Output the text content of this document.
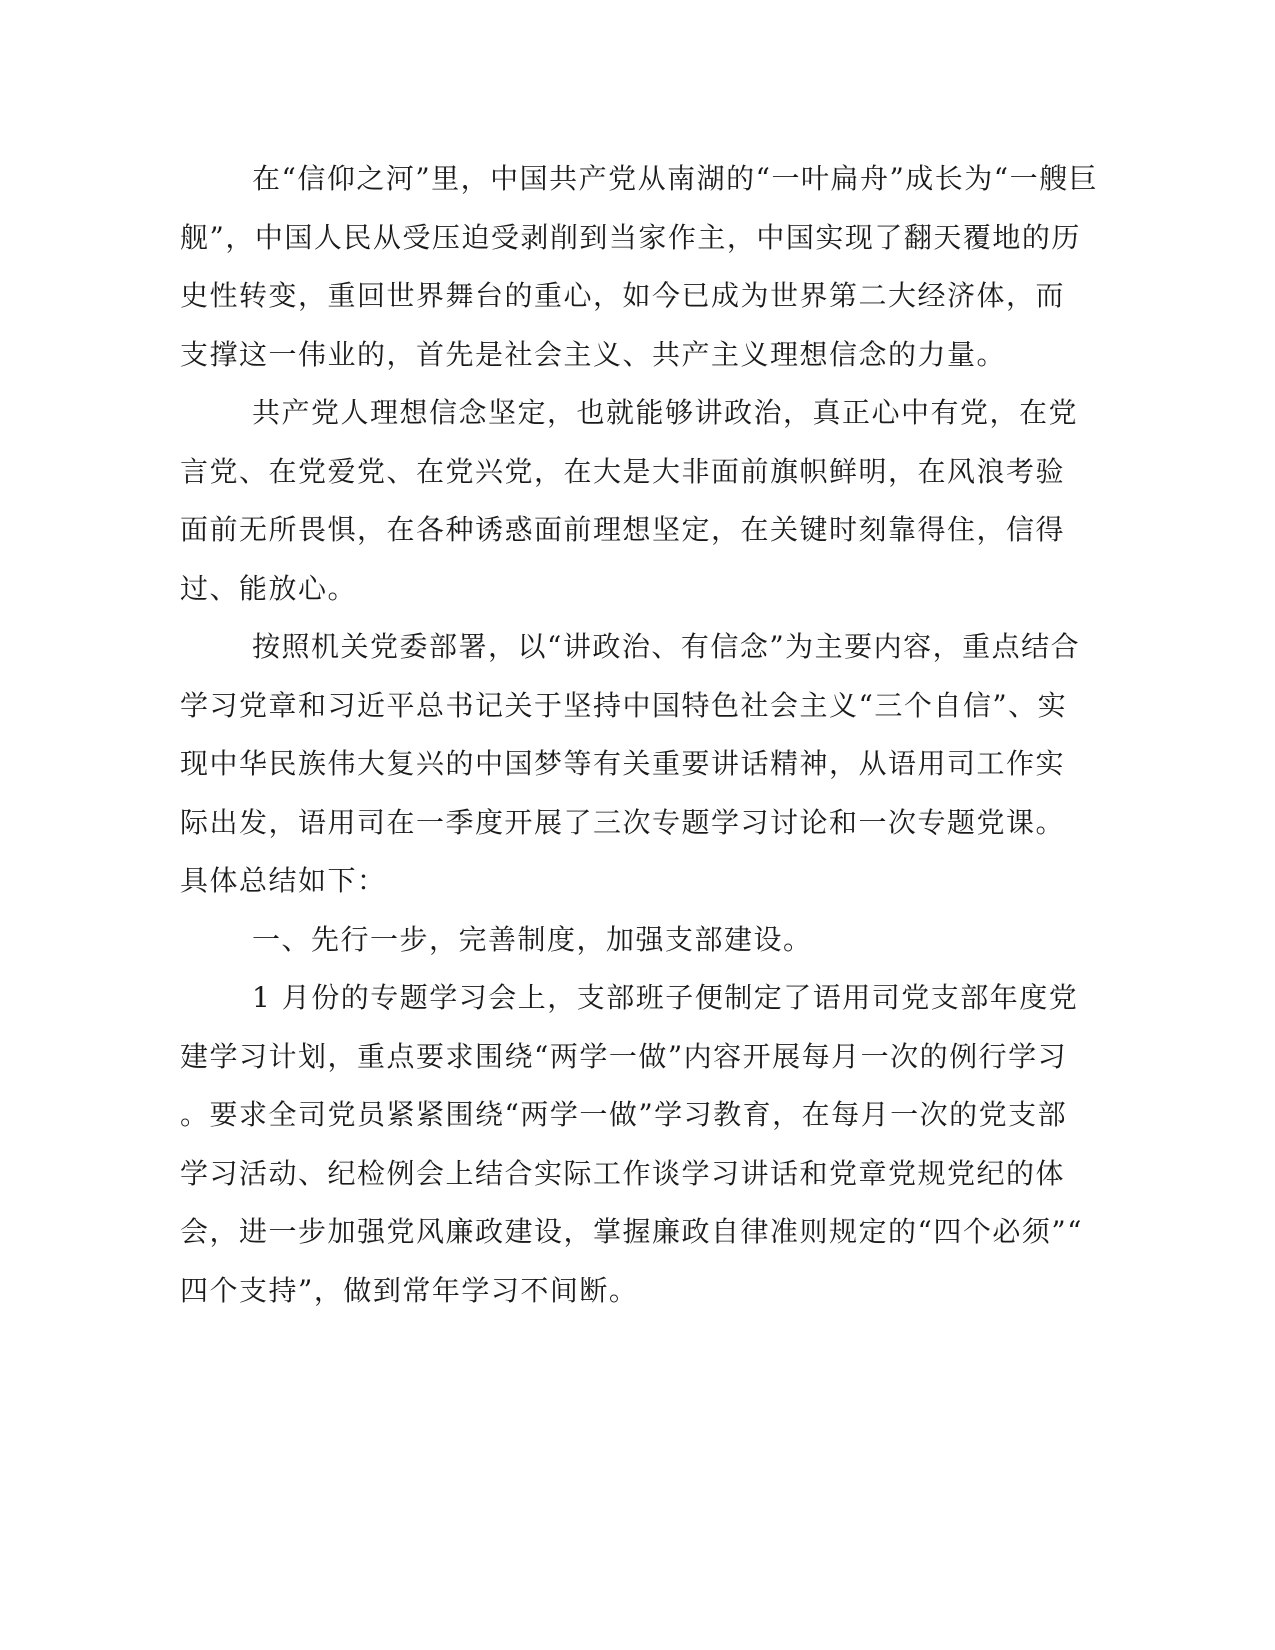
在“信仰之河”里，中国共产党从南湖的“一叶扁舟”成长为“一艘巨
舰”，中国人民从受压迫受剥削到当家作主，中国实现了翻天覆地的历
史性转变，重回世界舞台的重心，如今已成为世界第二大经济体，而
支撑这一伟业的，首先是社会主义、共产主义理想信念的力量。
共产党人理想信念坚定，也就能够讲政治，真正心中有党，在党
言党、在党爱党、在党兴党，在大是大非面前旗帜鲜明，在风浪考验
面前无所畏惧，在各种诱惑面前理想坚定，在关键时刻靠得住，信得
过、能放心。
按照机关党委部署，以“讲政治、有信念”为主要内容，重点结合
学习党章和习近平总书记关于坚持中国特色社会主义“三个自信”、实
现中华民族伟大复兴的中国梦等有关重要讲话精神，从语用司工作实
际出发，语用司在一季度开展了三次专题学习讨论和一次专题党课。
具体总结如下：
一、先行一步，完善制度，加强支部建设。
1 月份的专题学习会上，支部班子便制定了语用司党支部年度党
建学习计划，重点要求围绕“两学一做”内容开展每月一次的例行学习
。要求全司党员紧紧围绕“两学一做”学习教育，在每月一次的党支部
学习活动、纪检例会上结合实际工作谈学习讲话和党章党规党纪的体
会，进一步加强党风廉政建设，掌握廉政自律准则规定的“四个必须”“
四个支持”，做到常年学习不间断。
